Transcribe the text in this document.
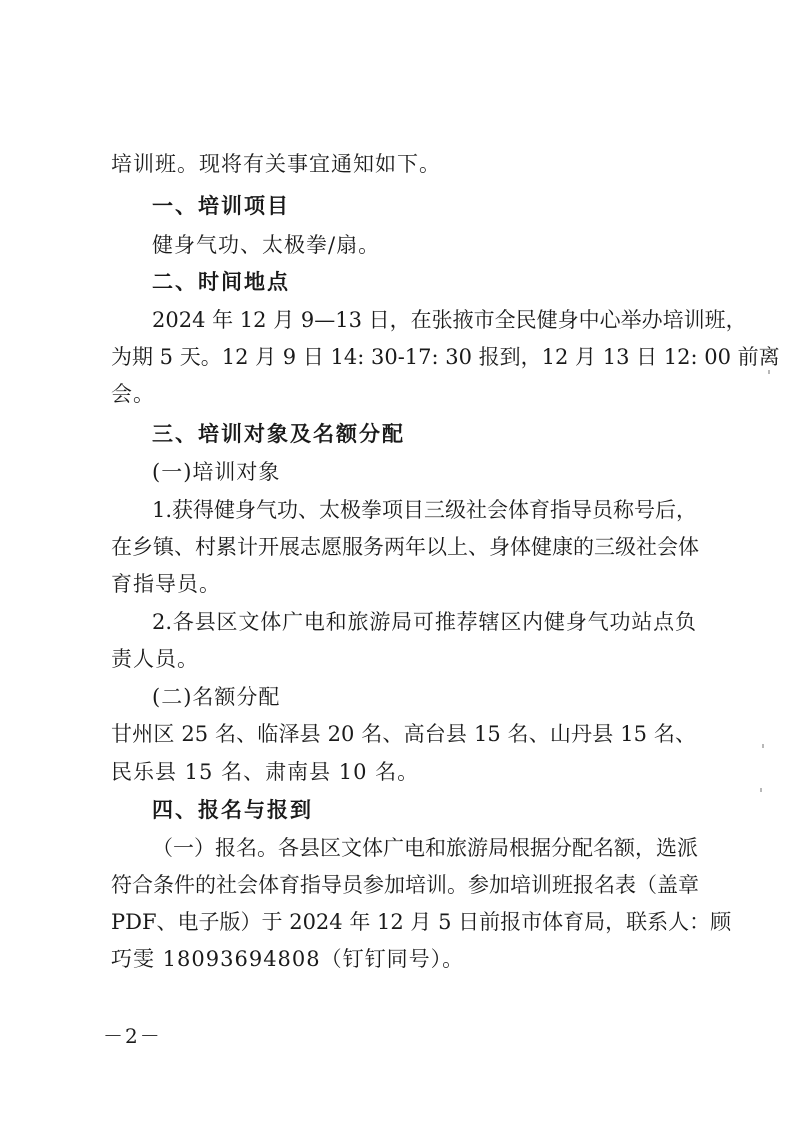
培训班。现将有关事宜通知如下。
一、培训项目
健身气功、太极拳/扇。
二、时间地点
2024 年 12 月 9—13 日，在张掖市全民健身中心举办培训班，
为期 5 天。12 月 9 日 14: 30-17: 30 报到，12 月 13 日 12: 00 前离
会。
三、培训对象及名额分配
(一)培训对象
1.获得健身气功、太极拳项目三级社会体育指导员称号后，
在乡镇、村累计开展志愿服务两年以上、身体健康的三级社会体
育指导员。
2.各县区文体广电和旅游局可推荐辖区内健身气功站点负
责人员。
(二)名额分配
甘州区 25 名、临泽县 20 名、高台县 15 名、山丹县 15 名、
民乐县 15 名、肃南县 10 名。
四、报名与报到
（一）报名。各县区文体广电和旅游局根据分配名额，选派
符合条件的社会体育指导员参加培训。参加培训班报名表（盖章
PDF、电子版）于 2024 年 12 月 5 日前报市体育局，联系人：顾
巧雯 18093694808（钉钉同号）。
－2－
